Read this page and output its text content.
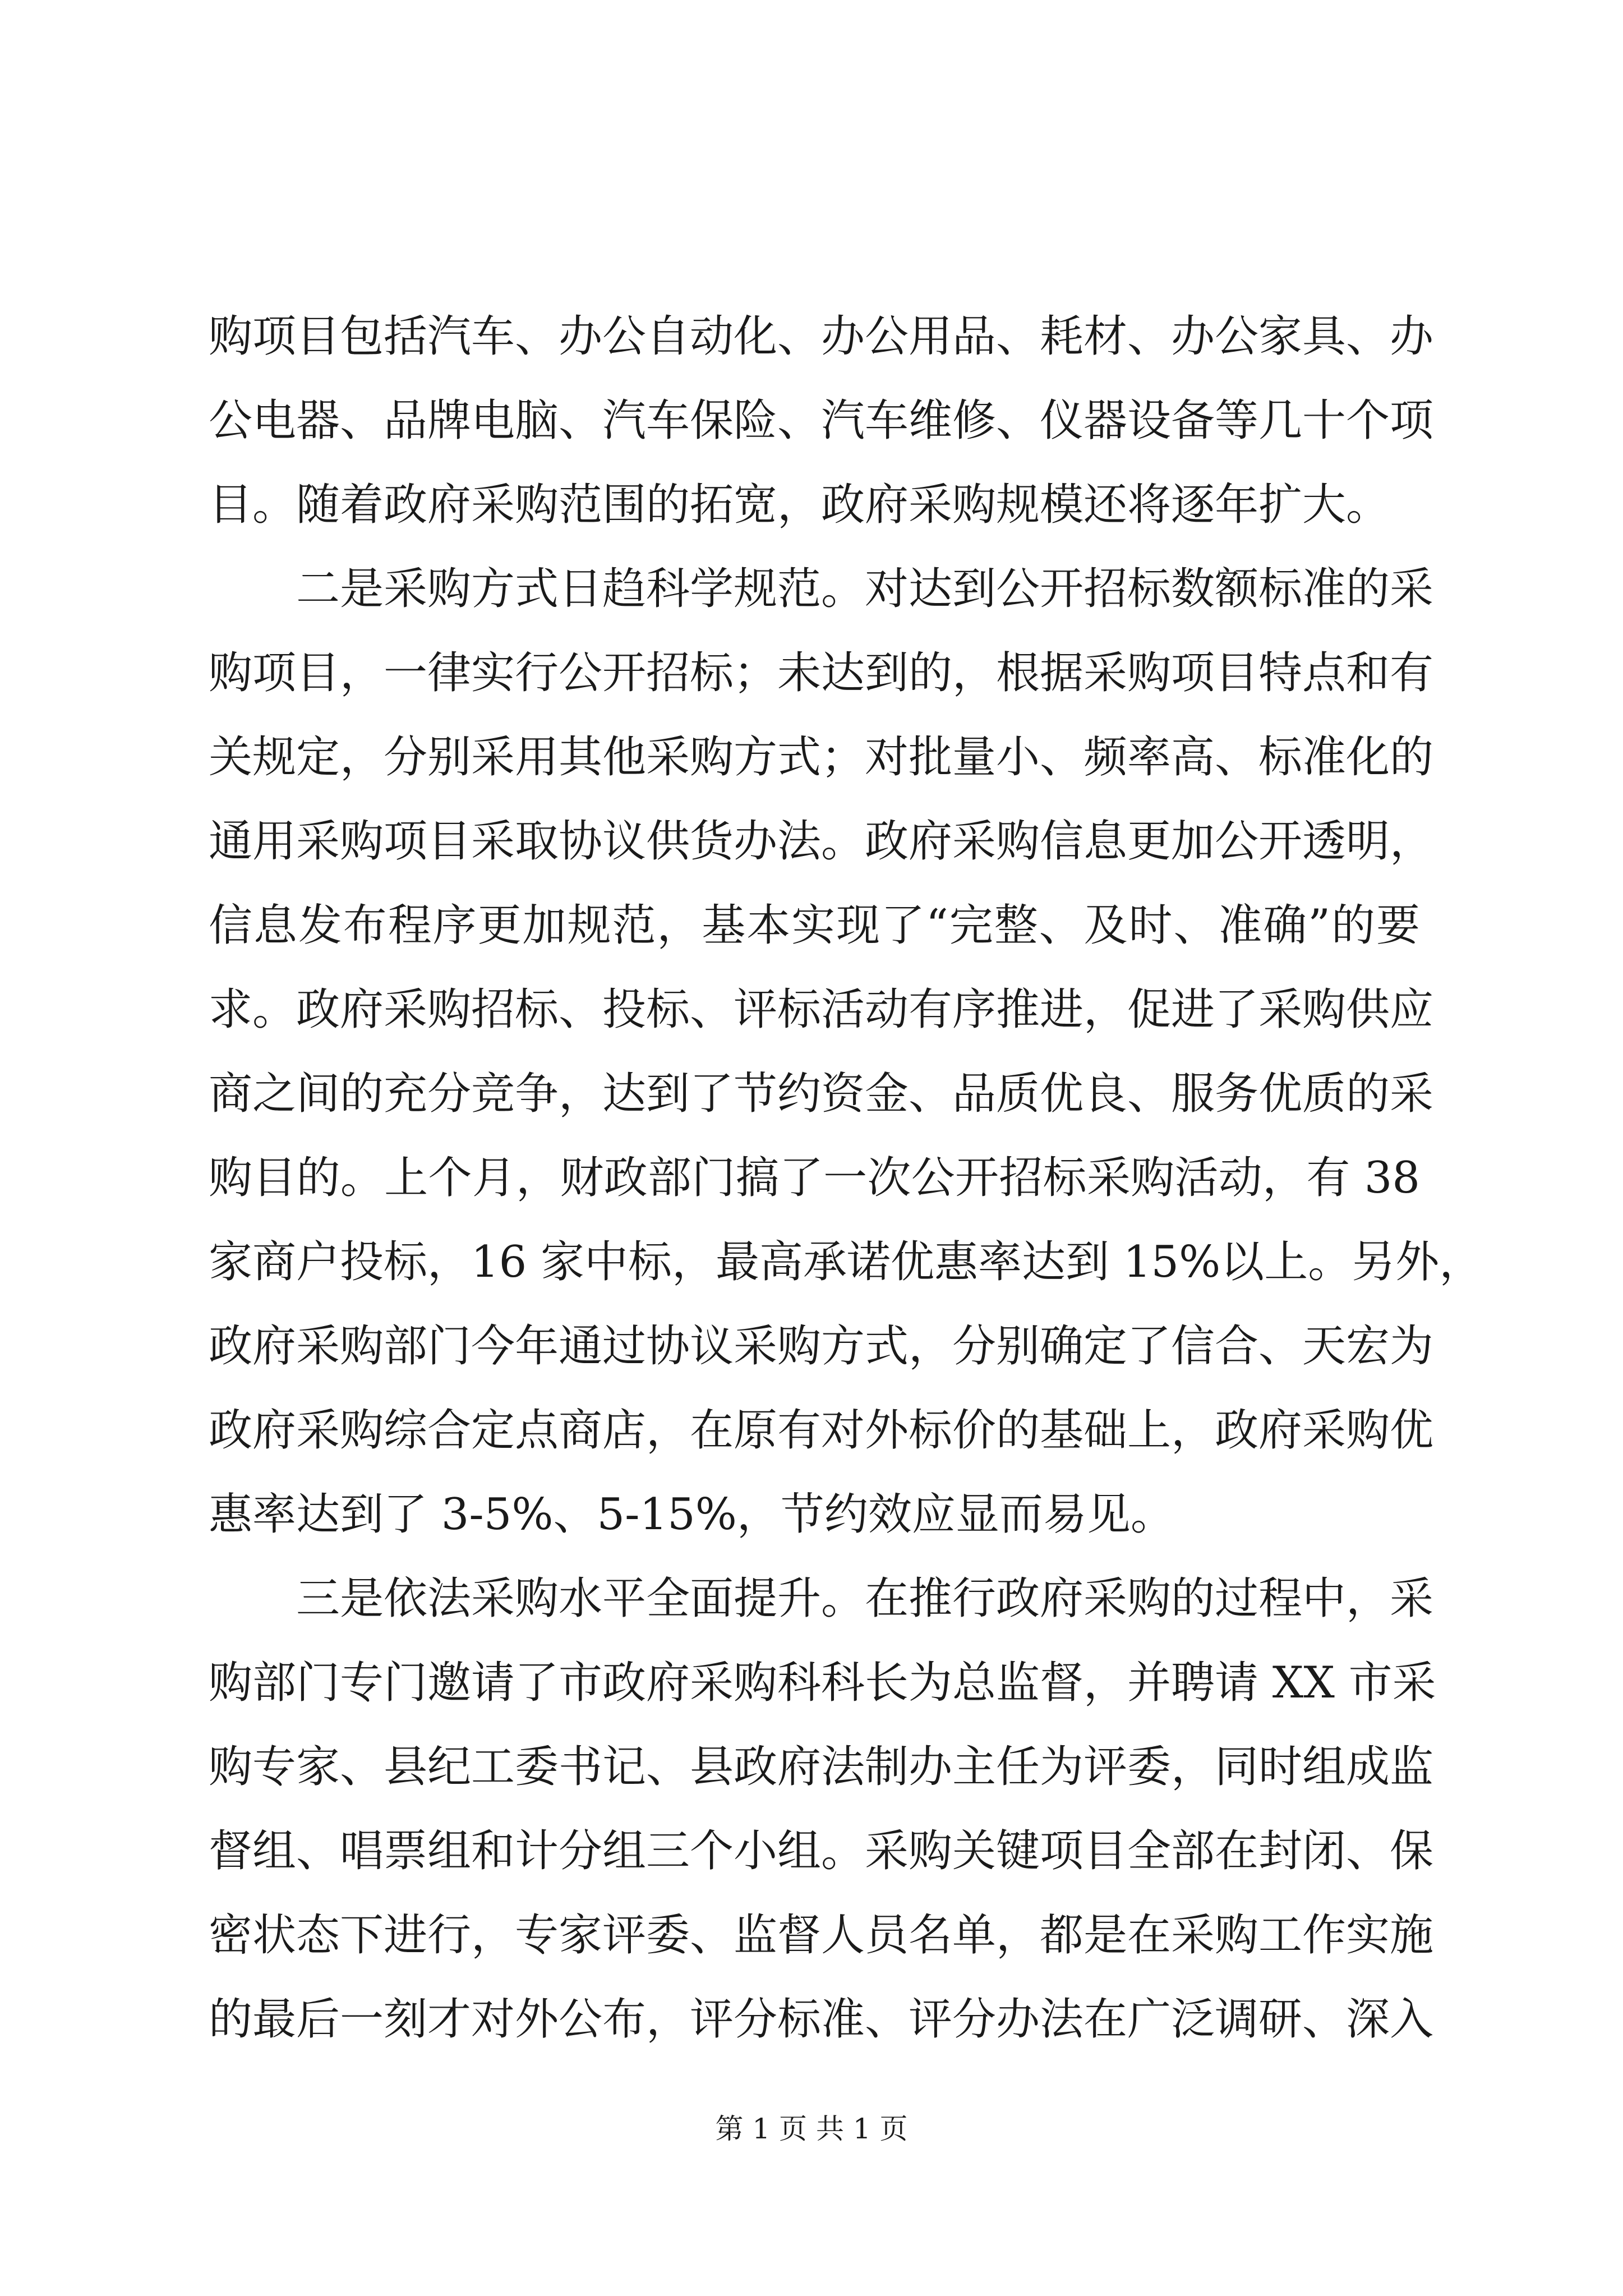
购项目包括汽车、办公自动化、办公用品、耗材、办公家具、办
公电器、品牌电脑、汽车保险、汽车维修、仪器设备等几十个项
目。随着政府采购范围的拓宽，政府采购规模还将逐年扩大。
二是采购方式日趋科学规范。对达到公开招标数额标准的采
购项目，一律实行公开招标；未达到的，根据采购项目特点和有
关规定，分别采用其他采购方式；对批量小、频率高、标准化的
通用采购项目采取协议供货办法。政府采购信息更加公开透明，
信息发布程序更加规范，基本实现了“完整、及时、准确”的要
求。政府采购招标、投标、评标活动有序推进，促进了采购供应
商之间的充分竞争，达到了节约资金、品质优良、服务优质的采
购目的。上个月，财政部门搞了一次公开招标采购活动，有 38
家商户投标，16 家中标，最高承诺优惠率达到 15%以上。另外，
政府采购部门今年通过协议采购方式，分别确定了信合、天宏为
政府采购综合定点商店，在原有对外标价的基础上，政府采购优
惠率达到了 3-5%、5-15%，节约效应显而易见。
三是依法采购水平全面提升。在推行政府采购的过程中，采
购部门专门邀请了市政府采购科科长为总监督，并聘请 XX 市采
购专家、县纪工委书记、县政府法制办主任为评委，同时组成监
督组、唱票组和计分组三个小组。采购关键项目全部在封闭、保
密状态下进行，专家评委、监督人员名单，都是在采购工作实施
的最后一刻才对外公布，评分标准、评分办法在广泛调研、深入
第 1 页 共 1 页
